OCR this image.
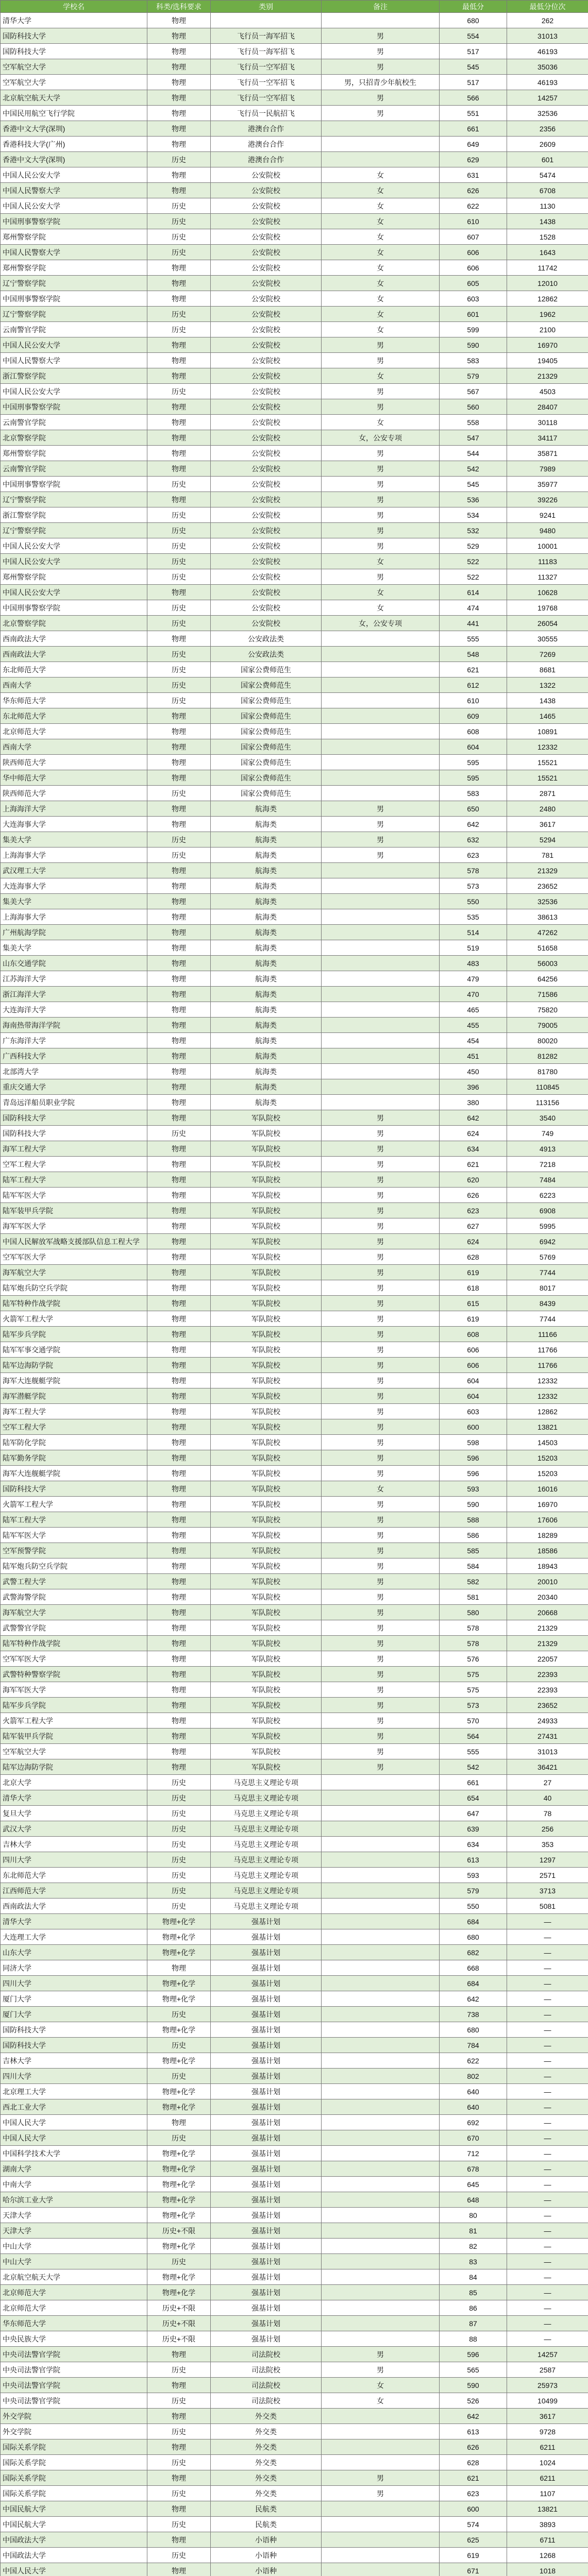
学校名	科类/选科要求	类别	备注	最低分	最低分位次
清华大学	物理			680	262
国防科技大学	物理	飞行员一海军招飞	男	554	31013
国防科技大学	物理	飞行员一海军招飞	男	517	46193
空军航空大学	物理	飞行员一空军招飞	男	545	35036
空军航空大学	物理	飞行员一空军招飞	男，只招青少年航校生	517	46193
北京航空航天大学	物理	飞行员一空军招飞	男	566	14257
中国民用航空飞行学院	物理	飞行员一民航招飞	男	551	32536
香港中文大学(深圳)	物理	港澳台合作		661	2356
香港科技大学(广州)	物理	港澳台合作		649	2609
香港中文大学(深圳)	历史	港澳台合作		629	601
中国人民公安大学	物理	公安院校	女	631	5474
中国人民警察大学	物理	公安院校	女	626	6708
中国人民公安大学	历史	公安院校	女	622	1130
中国刑事警察学院	历史	公安院校	女	610	1438
郑州警察学院	历史	公安院校	女	607	1528
中国人民警察大学	历史	公安院校	女	606	1643
郑州警察学院	物理	公安院校	女	606	11742
辽宁警察学院	物理	公安院校	女	605	12010
中国刑事警察学院	物理	公安院校	女	603	12862
辽宁警察学院	历史	公安院校	女	601	1962
云南警官学院	历史	公安院校	女	599	2100
中国人民公安大学	物理	公安院校	男	590	16970
中国人民警察大学	物理	公安院校	男	583	19405
浙江警察学院	物理	公安院校	女	579	21329
中国人民公安大学	历史	公安院校	男	567	4503
中国刑事警察学院	物理	公安院校	男	560	28407
云南警官学院	物理	公安院校	女	558	30118
北京警察学院	物理	公安院校	女，公安专项	547	34117
郑州警察学院	物理	公安院校	男	544	35871
云南警官学院	物理	公安院校	男	542	7989
中国刑事警察学院	历史	公安院校	男	545	35977
辽宁警察学院	物理	公安院校	男	536	39226
浙江警察学院	历史	公安院校	男	534	9241
辽宁警察学院	历史	公安院校	男	532	9480
中国人民公安大学	历史	公安院校	男	529	10001
中国人民公安大学	历史	公安院校	女	522	11183
郑州警察学院	历史	公安院校	男	522	11327
中国人民公安大学	物理	公安院校	女	614	10628
中国刑事警察学院	历史	公安院校	女	474	19768
北京警察学院	历史	公安院校	女，公安专项	441	26054
西南政法大学	物理	公安政法类		555	30555
西南政法大学	历史	公安政法类		548	7269
东北师范大学	历史	国家公费师范生		621	8681
西南大学	历史	国家公费师范生		612	1322
华东师范大学	历史	国家公费师范生		610	1438
东北师范大学	物理	国家公费师范生		609	1465
北京师范大学	物理	国家公费师范生		608	10891
西南大学	物理	国家公费师范生		604	12332
陕西师范大学	物理	国家公费师范生		595	15521
华中师范大学	物理	国家公费师范生		595	15521
陕西师范大学	历史	国家公费师范生		583	2871
上海海洋大学	物理	航海类	男	650	2480
大连海事大学	物理	航海类	男	642	3617
集美大学	历史	航海类	男	632	5294
上海海事大学	历史	航海类	男	623	781
武汉理工大学	物理	航海类		578	21329
大连海事大学	物理	航海类		573	23652
集美大学	物理	航海类		550	32536
上海海事大学	物理	航海类		535	38613
广州航海学院	物理	航海类		514	47262
集美大学	物理	航海类		519	51658
山东交通学院	物理	航海类		483	56003
江苏海洋大学	物理	航海类		479	64256
浙江海洋大学	物理	航海类		470	71586
大连海洋大学	物理	航海类		465	75820
海南热带海洋学院	物理	航海类		455	79005
广东海洋大学	物理	航海类		454	80020
广西科技大学	物理	航海类		451	81282
北部湾大学	物理	航海类		450	81780
重庆交通大学	物理	航海类		396	110845
青岛远洋船员职业学院	物理	航海类		380	113156
国防科技大学	物理	军队院校	男	642	3540
国防科技大学	历史	军队院校	男	624	749
海军工程大学	物理	军队院校	男	634	4913
空军工程大学	物理	军队院校	男	621	7218
陆军工程大学	物理	军队院校	男	620	7484
陆军军医大学	物理	军队院校	男	626	6223
陆军装甲兵学院	物理	军队院校	男	623	6908
海军军医大学	物理	军队院校	男	627	5995
中国人民解放军战略支援部队信息工程大学	物理	军队院校	男	624	6942
空军军医大学	物理	军队院校	男	628	5769
海军航空大学	物理	军队院校	男	619	7744
陆军炮兵防空兵学院	物理	军队院校	男	618	8017
陆军特种作战学院	物理	军队院校	男	615	8439
火箭军工程大学	物理	军队院校	男	619	7744
陆军步兵学院	物理	军队院校	男	608	11166
陆军军事交通学院	物理	军队院校	男	606	11766
陆军边海防学院	物理	军队院校	男	606	11766
海军大连舰艇学院	物理	军队院校	男	604	12332
海军潜艇学院	物理	军队院校	男	604	12332
海军工程大学	物理	军队院校	男	603	12862
空军工程大学	物理	军队院校	男	600	13821
陆军防化学院	物理	军队院校	男	598	14503
陆军勤务学院	物理	军队院校	男	596	15203
海军大连舰艇学院	物理	军队院校	男	596	15203
国防科技大学	物理	军队院校	女	593	16016
火箭军工程大学	物理	军队院校	男	590	16970
陆军工程大学	物理	军队院校	男	588	17606
陆军军医大学	物理	军队院校	男	586	18289
空军预警学院	物理	军队院校	男	585	18586
陆军炮兵防空兵学院	物理	军队院校	男	584	18943
武警工程大学	物理	军队院校	男	582	20010
武警海警学院	物理	军队院校	男	581	20340
海军航空大学	物理	军队院校	男	580	20668
武警警官学院	物理	军队院校	男	578	21329
陆军特种作战学院	物理	军队院校	男	578	21329
空军军医大学	物理	军队院校	男	576	22057
武警特种警察学院	物理	军队院校	男	575	22393
海军军医大学	物理	军队院校	男	575	22393
陆军步兵学院	物理	军队院校	男	573	23652
火箭军工程大学	物理	军队院校	男	570	24933
陆军装甲兵学院	物理	军队院校	男	564	27431
空军航空大学	物理	军队院校	男	555	31013
陆军边海防学院	物理	军队院校	男	542	36421
北京大学	历史	马克思主义理论专项		661	27
清华大学	历史	马克思主义理论专项		654	40
复旦大学	历史	马克思主义理论专项		647	78
武汉大学	历史	马克思主义理论专项		639	256
吉林大学	历史	马克思主义理论专项		634	353
四川大学	历史	马克思主义理论专项		613	1297
东北师范大学	历史	马克思主义理论专项		593	2571
江西师范大学	历史	马克思主义理论专项		579	3713
西南政法大学	历史	马克思主义理论专项		550	5081
清华大学	物理+化学	强基计划		684	—
大连理工大学	物理+化学	强基计划		680	—
山东大学	物理+化学	强基计划		682	—
同济大学	物理	强基计划		668	—
四川大学	物理+化学	强基计划		684	—
厦门大学	物理+化学	强基计划		642	—
厦门大学	历史	强基计划		738	—
国防科技大学	物理+化学	强基计划		680	—
国防科技大学	历史	强基计划		784	—
吉林大学	物理+化学	强基计划		622	—
四川大学	历史	强基计划		802	—
北京理工大学	物理+化学	强基计划		640	—
西北工业大学	物理+化学	强基计划		640	—
中国人民大学	物理	强基计划		692	—
中国人民大学	历史	强基计划		670	—
中国科学技术大学	物理+化学	强基计划		712	—
湖南大学	物理+化学	强基计划		678	—
中南大学	物理+化学	强基计划		645	—
哈尔滨工业大学	物理+化学	强基计划		648	—
天津大学	物理+化学	强基计划		80	—
天津大学	历史+不限	强基计划		81	—
中山大学	物理+化学	强基计划		82	—
中山大学	历史	强基计划		83	—
北京航空航天大学	物理+化学	强基计划		84	—
北京师范大学	物理+化学	强基计划		85	—
北京师范大学	历史+不限	强基计划		86	—
华东师范大学	历史+不限	强基计划		87	—
中央民族大学	历史+不限	强基计划		88	—
中央司法警官学院	物理	司法院校	男	596	14257
中央司法警官学院	历史	司法院校	男	565	2587
中央司法警官学院	物理	司法院校	女	590	25973
中央司法警官学院	历史	司法院校	女	526	10499
外交学院	物理	外交类		642	3617
外交学院	历史	外交类		613	9728
国际关系学院	物理	外交类		626	6211
国际关系学院	历史	外交类		628	1024
国际关系学院	物理	外交类	男	621	6211
国际关系学院	历史	外交类	男	623	1107
中国民航大学	物理	民航类		600	13821
中国民航大学	历史	民航类		574	3893
中国政法大学	物理	小语种		625	6711
中国政法大学	历史	小语种		619	1268
中国人民大学	物理	小语种		671	1018
